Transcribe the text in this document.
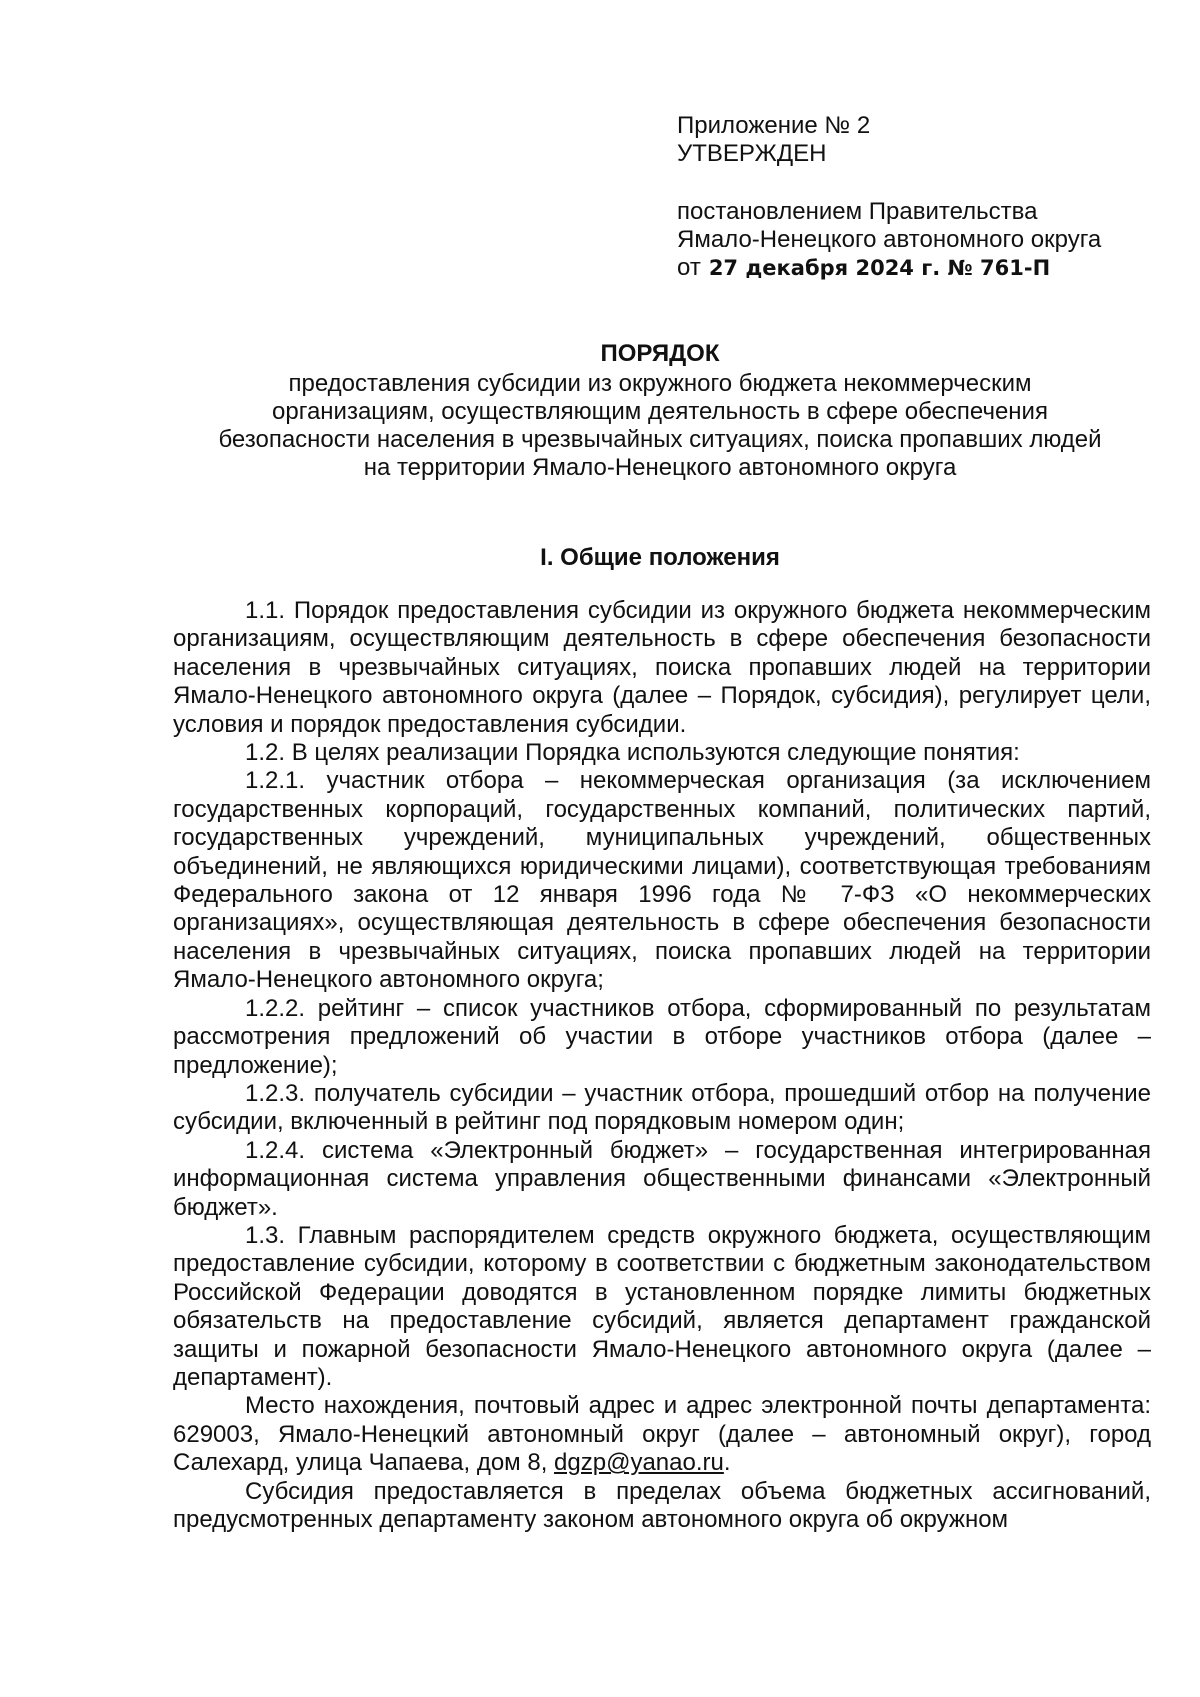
Приложение № 2

УТВЕРЖДЕН

постановлением Правительства

Ямало-Ненецкого автономного округа

от 27 декабря 2024 г. № 761-П

ПОРЯДОК

предоставления субсидии из окружного бюджета некоммерческим

организациям, осуществляющим деятельность в сфере обеспечения

безопасности населения в чрезвычайных ситуациях, поиска пропавших людей

на территории Ямало-Ненецкого автономного округа

I. Общие положения

1.1. Порядок предоставления субсидии из окружного бюджета некоммерческим организациям, осуществляющим деятельность в сфере обеспечения безопасности населения в чрезвычайных ситуациях, поиска пропавших людей на территории Ямало-Ненецкого автономного округа (далее – Порядок, субсидия), регулирует цели, условия и порядок предоставления субсидии.

1.2. В целях реализации Порядка используются следующие понятия:

1.2.1. участник отбора – некоммерческая организация (за исключением государственных корпораций, государственных компаний, политических партий, государственных учреждений, муниципальных учреждений, общественных объединений, не являющихся юридическими лицами), соответствующая требованиям Федерального закона от 12 января 1996 года № 7-ФЗ «О некоммерческих организациях», осуществляющая деятельность в сфере обеспечения безопасности населения в чрезвычайных ситуациях, поиска пропавших людей на территории Ямало-Ненецкого автономного округа;

1.2.2. рейтинг – список участников отбора, сформированный по результатам рассмотрения предложений об участии в отборе участников отбора (далее – предложение);

1.2.3. получатель субсидии – участник отбора, прошедший отбор на получение субсидии, включенный в рейтинг под порядковым номером один;

1.2.4. система «Электронный бюджет» – государственная интегрированная информационная система управления общественными финансами «Электронный бюджет».

1.3. Главным распорядителем средств окружного бюджета, осуществляющим предоставление субсидии, которому в соответствии с бюджетным законодательством Российской Федерации доводятся в установленном порядке лимиты бюджетных обязательств на предоставление субсидий, является департамент гражданской защиты и пожарной безопасности Ямало-Ненецкого автономного округа (далее – департамент).

Место нахождения, почтовый адрес и адрес электронной почты департамента: 629003, Ямало-Ненецкий автономный округ (далее – автономный округ), город Салехард, улица Чапаева, дом 8, dgzp@yanao.ru.

Субсидия предоставляется в пределах объема бюджетных ассигнований, предусмотренных департаменту законом автономного округа об окружном
